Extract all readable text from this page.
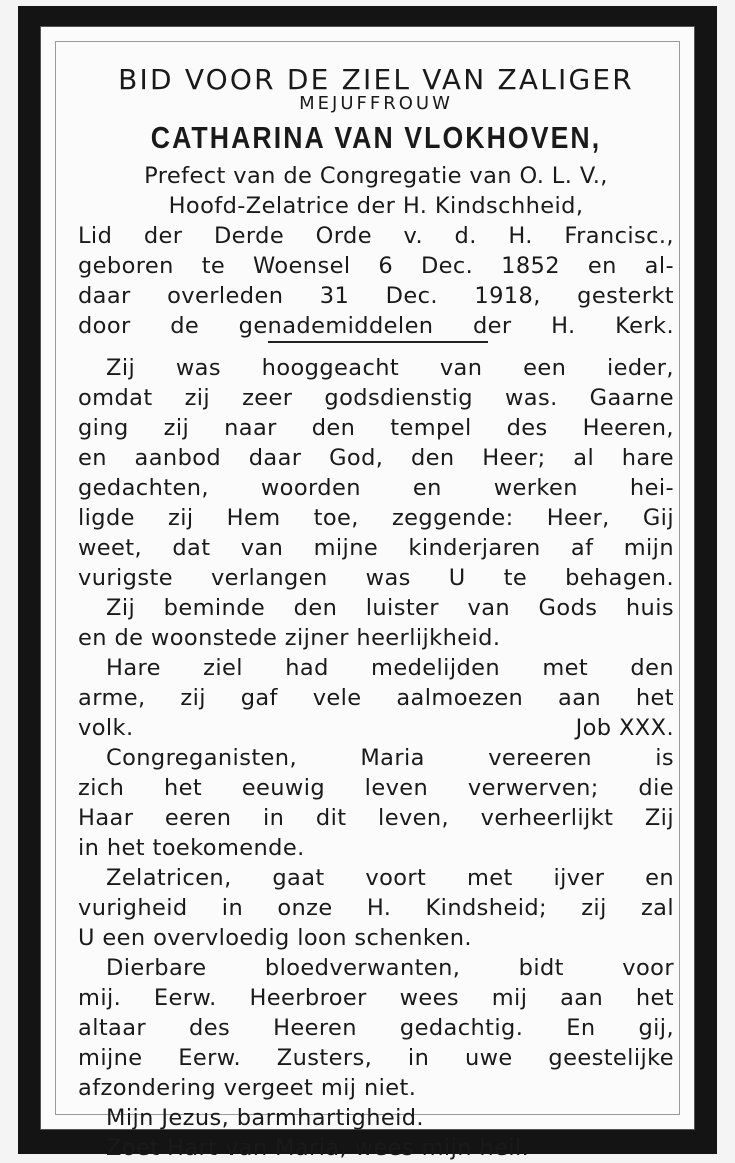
BID VOOR DE ZIEL VAN ZALIGER
MEJUFFROUW
CATHARINA VAN VLOKHOVEN,
Prefect van de Congregatie van O. L. V.,
Hoofd-Zelatrice der H. Kindschheid,
Lid der Derde Orde v. d. H. Francisc.,
geboren te Woensel 6 Dec. 1852 en al-
daar overleden 31 Dec. 1918, gesterkt
door de genademiddelen der H. Kerk.
Zij was hooggeacht van een ieder,
omdat zij zeer godsdienstig was. Gaarne
ging zij naar den tempel des Heeren,
en aanbod daar God, den Heer; al hare
gedachten, woorden en werken hei-
ligde zij Hem toe, zeggende: Heer, Gij
weet, dat van mijne kinderjaren af mijn
vurigste verlangen was U te behagen.
Zij beminde den luister van Gods huis
en de woonstede zijner heerlijkheid.
Hare ziel had medelijden met den
arme, zij gaf vele aalmoezen aan het
volk.	Job XXX.
Congreganisten, Maria vereeren is
zich het eeuwig leven verwerven; die
Haar eeren in dit leven, verheerlijkt Zij
in het toekomende.
Zelatricen, gaat voort met ijver en
vurigheid in onze H. Kindsheid; zij zal
U een overvloedig loon schenken.
Dierbare bloedverwanten, bidt voor
mij. Eerw. Heerbroer wees mij aan het
altaar des Heeren gedachtig. En gij,
mijne Eerw. Zusters, in uwe geestelijke
afzondering vergeet mij niet.
Mijn Jezus, barmhartigheid.
Zoet Hart van Maria, wees mijn heil.
